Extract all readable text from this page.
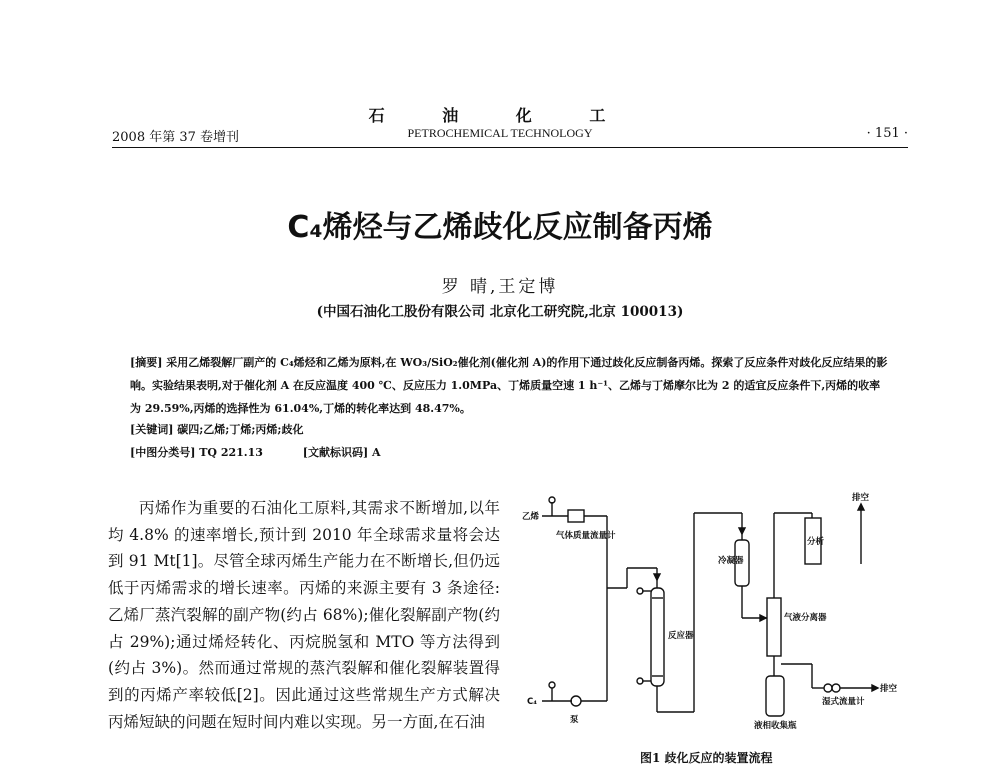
石 油 化 工
2008 年第 37 卷增刊	PETROCHEMICAL TECHNOLOGY	· 151 ·
C₄烯烃与乙烯歧化反应制备丙烯
罗 晴,王定博
(中国石油化工股份有限公司 北京化工研究院,北京 100013)
[摘要] 采用乙烯裂解厂副产的 C₄烯烃和乙烯为原料,在 WO₃/SiO₂催化剂(催化剂 A)的作用下通过歧化反应制备丙烯。探索了反应条件对歧化反应结果的影响。实验结果表明,对于催化剂 A 在反应温度 400 ℃、反应压力 1.0MPa、丁烯质量空速 1 h⁻¹、乙烯与丁烯摩尔比为 2 的适宜反应条件下,丙烯的收率为 29.59%,丙烯的选择性为 61.04%,丁烯的转化率达到 48.47%。
[关键词] 碳四;乙烯;丁烯;丙烯;歧化
[中图分类号] TQ 221.13	[文献标识码] A

丙烯作为重要的石油化工原料,其需求不断增加,以年均 4.8% 的速率增长,预计到 2010 年全球需求量将会达到 91 Mt[1]。尽管全球丙烯生产能力在不断增长,但仍远低于丙烯需求的增长速率。丙烯的来源主要有 3 条途径:乙烯厂蒸汽裂解的副产物(约占 68%);催化裂解副产物(约占 29%);通过烯烃转化、丙烷脱氢和 MTO 等方法得到(约占 3%)。然而通过常规的蒸汽裂解和催化裂解装置得到的丙烯产率较低[2]。因此通过这些常规生产方式解决丙烯短缺的问题在短时间内难以实现。另一方面,在石油

乙烯
气体质量流量计
C₄
泵
反应器
冷凝器
气液分离器
排空
分析
湿式流量计
排空
液相收集瓶
图1 歧化反应的装置流程
